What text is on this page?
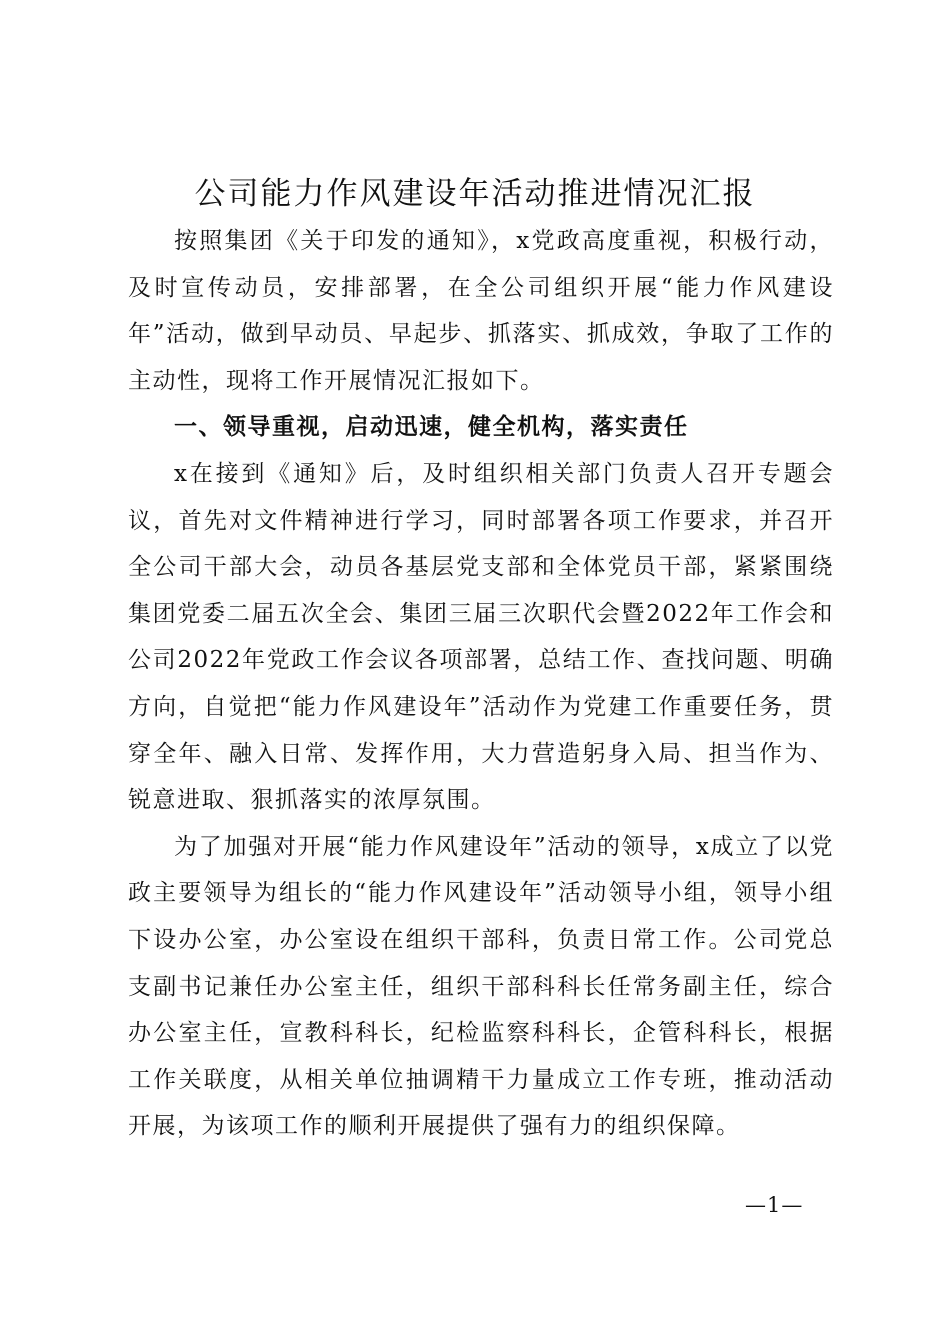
公司能力作风建设年活动推进情况汇报

按照集团《关于印发的通知》，x党政高度重视，积极行动，及时宣传动员，安排部署，在全公司组织开展“能力作风建设年”活动，做到早动员、早起步、抓落实、抓成效，争取了工作的主动性，现将工作开展情况汇报如下。

一、领导重视，启动迅速，健全机构，落实责任

x在接到《通知》后，及时组织相关部门负责人召开专题会议，首先对文件精神进行学习，同时部署各项工作要求，并召开全公司干部大会，动员各基层党支部和全体党员干部，紧紧围绕集团党委二届五次全会、集团三届三次职代会暨2022年工作会和公司2022年党政工作会议各项部署，总结工作、查找问题、明确方向，自觉把“能力作风建设年”活动作为党建工作重要任务，贯穿全年、融入日常、发挥作用，大力营造躬身入局、担当作为、锐意进取、狠抓落实的浓厚氛围。

为了加强对开展“能力作风建设年”活动的领导，x成立了以党政主要领导为组长的“能力作风建设年”活动领导小组，领导小组下设办公室，办公室设在组织干部科，负责日常工作。公司党总支副书记兼任办公室主任，组织干部科科长任常务副主任，综合办公室主任，宣教科科长，纪检监察科科长，企管科科长，根据工作关联度，从相关单位抽调精干力量成立工作专班，推动活动开展，为该项工作的顺利开展提供了强有力的组织保障。

—1—
